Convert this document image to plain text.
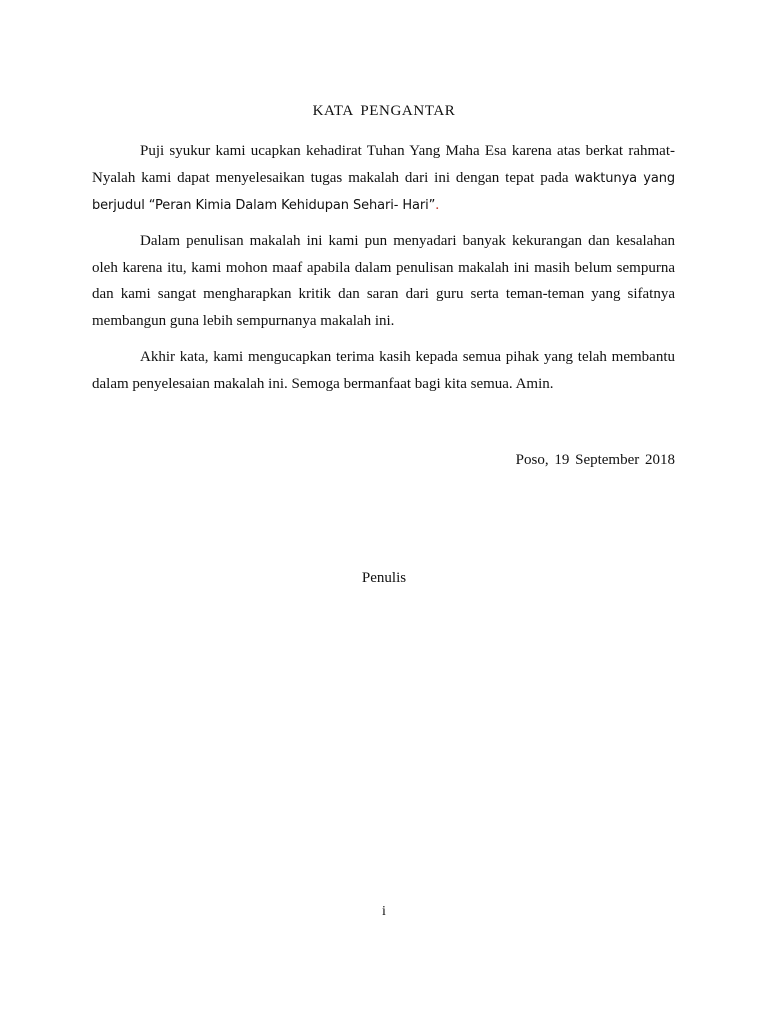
KATA PENGANTAR

Puji syukur kami ucapkan kehadirat Tuhan Yang Maha Esa karena atas berkat rahmat-Nyalah kami dapat menyelesaikan tugas makalah dari ini dengan tepat pada waktunya yang berjudul “Peran Kimia Dalam Kehidupan Sehari- Hari”.

Dalam penulisan makalah ini kami pun menyadari banyak kekurangan dan kesalahan oleh karena itu, kami mohon maaf apabila dalam penulisan makalah ini masih belum sempurna dan kami sangat mengharapkan kritik dan saran dari guru serta teman-teman yang sifatnya membangun guna lebih sempurnanya makalah ini.

Akhir kata, kami mengucapkan terima kasih kepada semua pihak yang telah membantu dalam penyelesaian makalah ini. Semoga bermanfaat bagi kita semua. Amin.

Poso, 19 September 2018

Penulis

i
